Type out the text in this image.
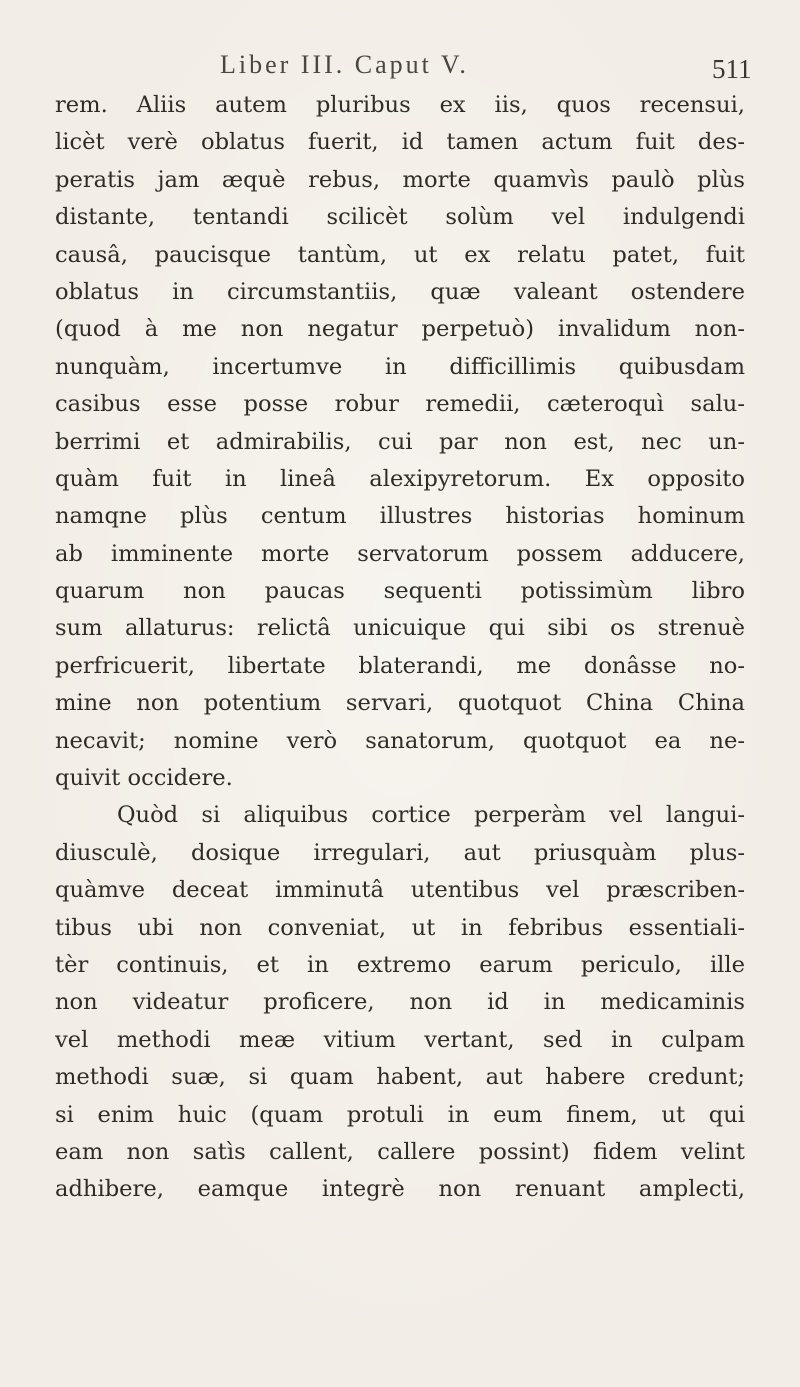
Liber III. Caput V.	511
rem. Aliis autem pluribus ex iis, quos recensui,
licèt verè oblatus fuerit, id tamen actum fuit des-
peratis jam æquè rebus, morte quamvìs paulò plùs
distante, tentandi scilicèt solùm vel indulgendi
causâ, paucisque tantùm, ut ex relatu patet, fuit
oblatus in circumstantiis, quæ valeant ostendere
(quod à me non negatur perpetuò) invalidum non-
nunquàm, incertumve in difficillimis quibusdam
casibus esse posse robur remedii, cæteroquì salu-
berrimi et admirabilis, cui par non est, nec un-
quàm fuit in lineâ alexipyretorum. Ex opposito
namqne plùs centum illustres historias hominum
ab imminente morte servatorum possem adducere,
quarum non paucas sequenti potissimùm libro
sum allaturus: relictâ unicuique qui sibi os strenuè
perfricuerit, libertate blaterandi, me donâsse no-
mine non potentium servari, quotquot China China
necavit; nomine verò sanatorum, quotquot ea ne-
quivit occidere.
Quòd si aliquibus cortice perperàm vel langui-
diusculè, dosique irregulari, aut priusquàm plus-
quàmve deceat imminutâ utentibus vel præscriben-
tibus ubi non conveniat, ut in febribus essentiali-
tèr continuis, et in extremo earum periculo, ille
non videatur proficere, non id in medicaminis
vel methodi meæ vitium vertant, sed in culpam
methodi suæ, si quam habent, aut habere credunt;
si enim huic (quam protuli in eum finem, ut qui
eam non satìs callent, callere possint) fidem velint
adhibere, eamque integrè non renuant amplecti,
